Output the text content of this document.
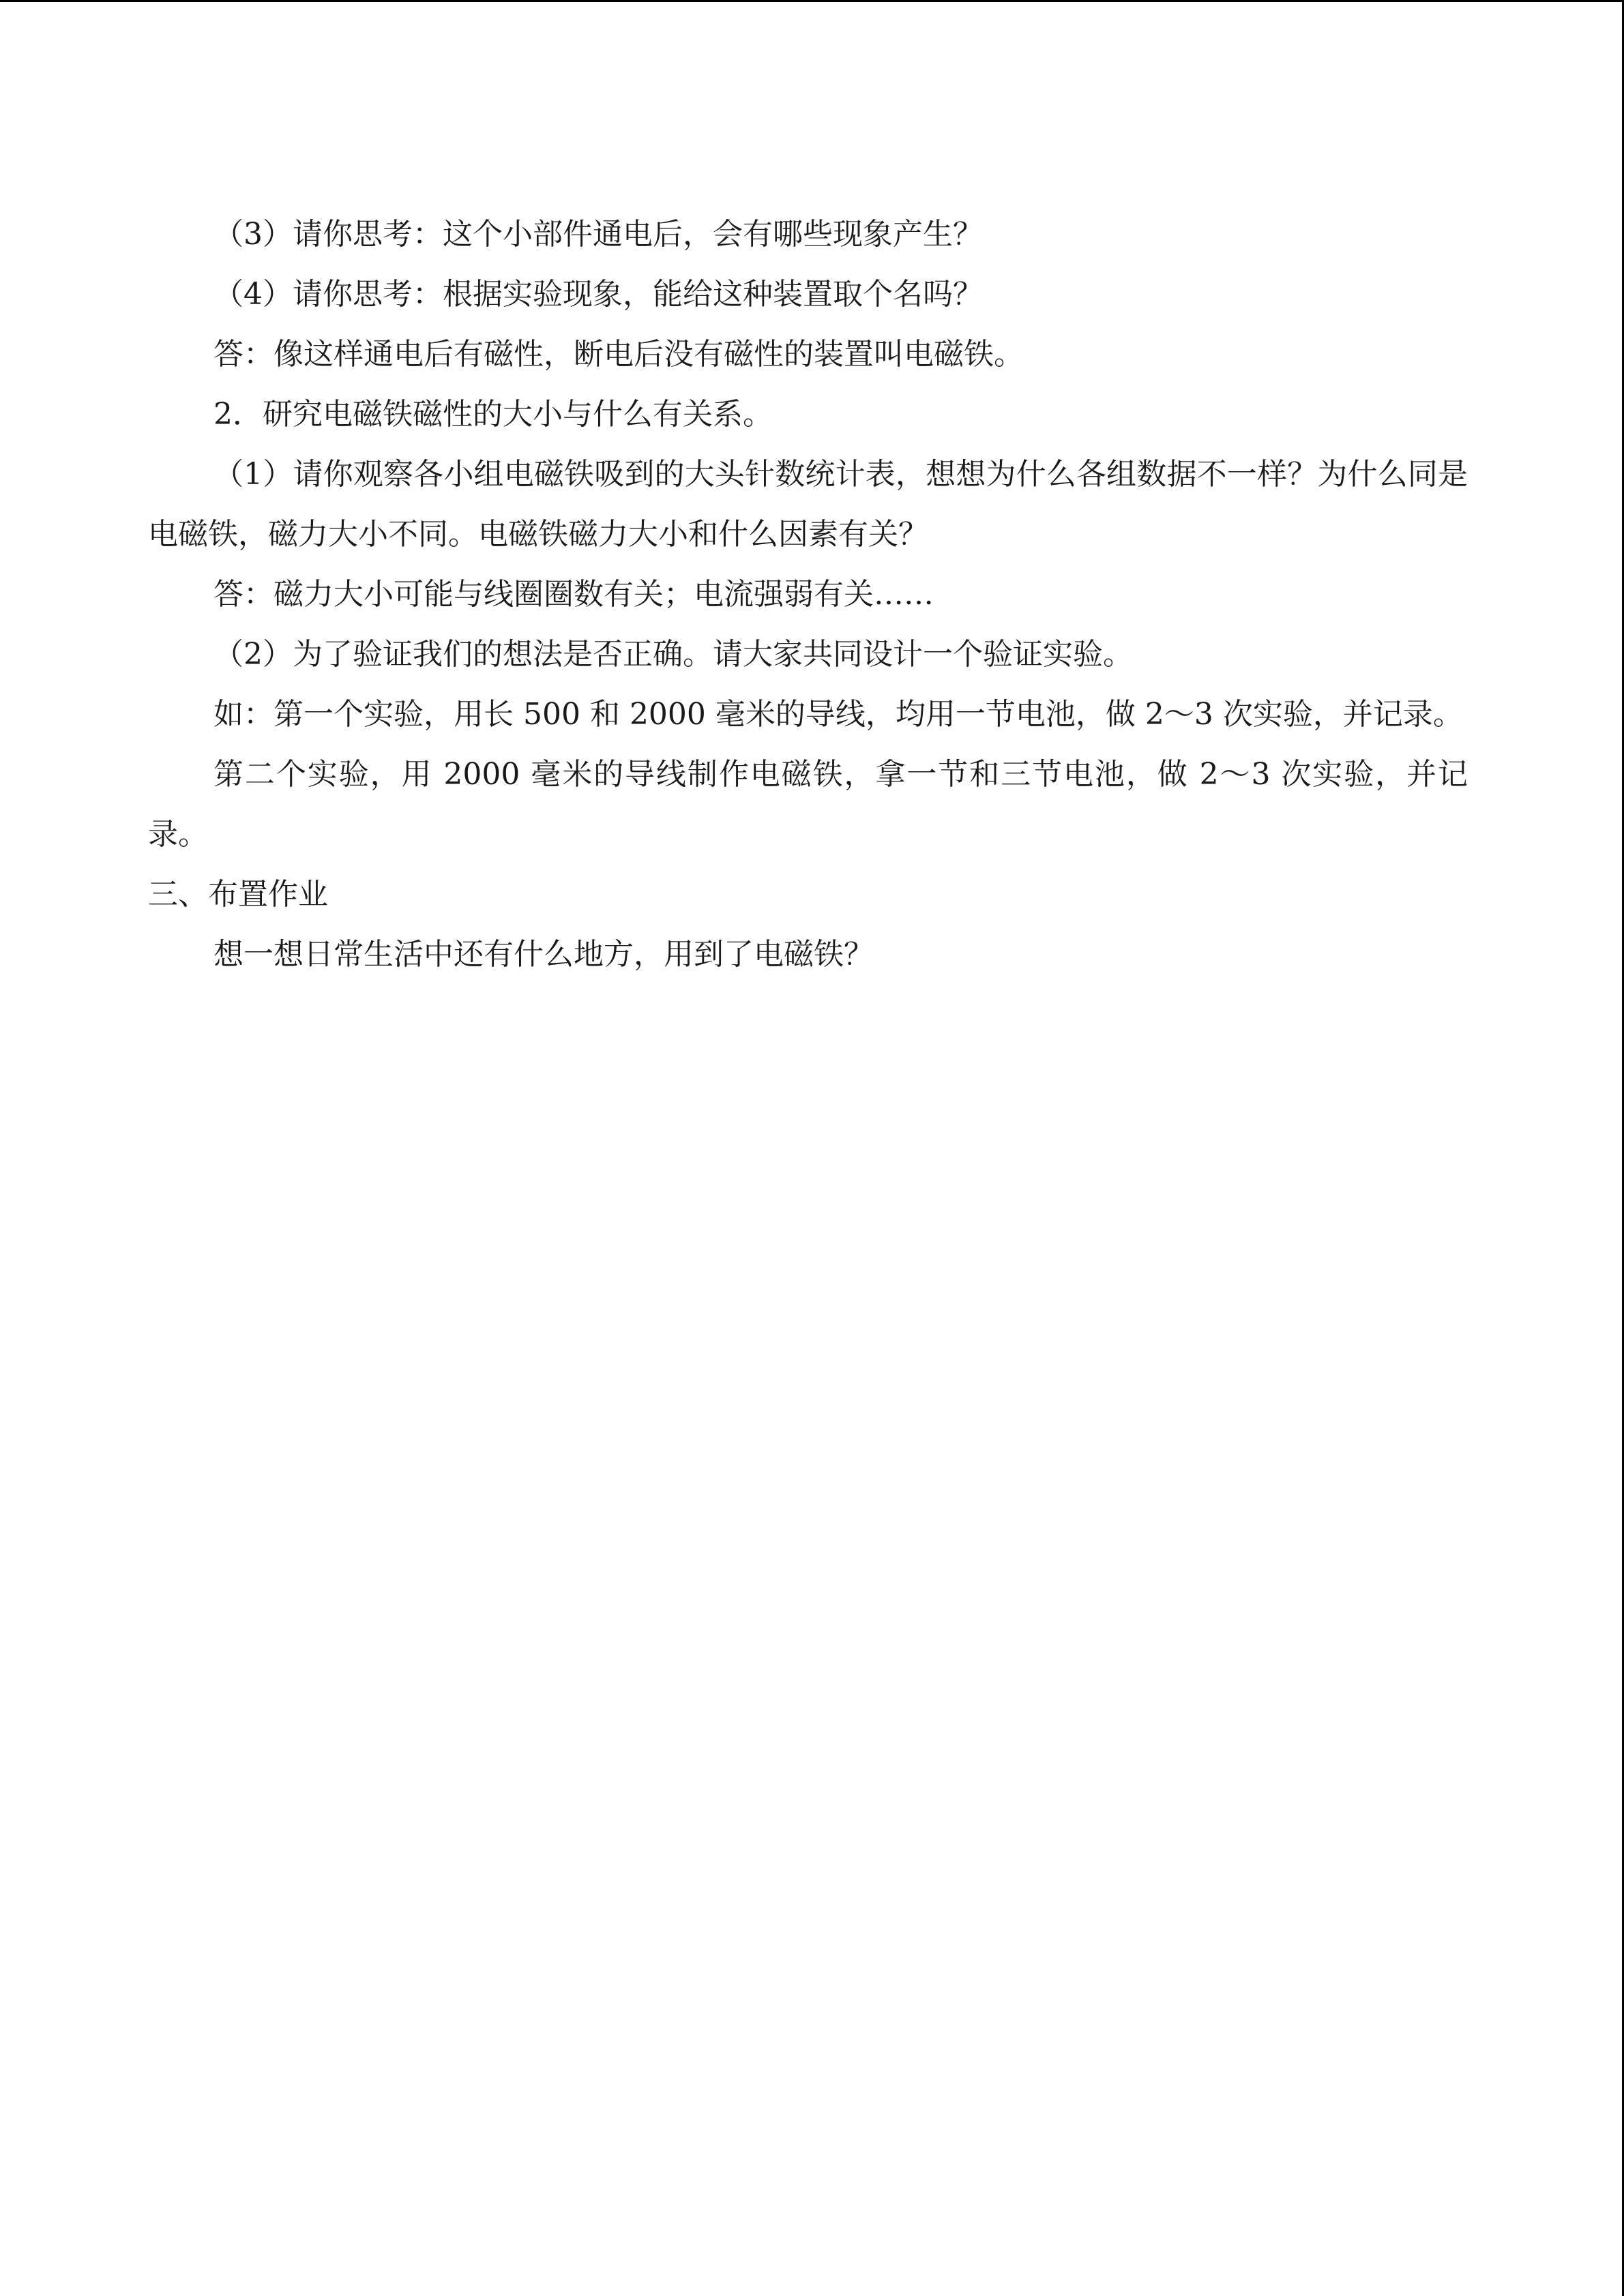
（3）请你思考：这个小部件通电后，会有哪些现象产生？

（4）请你思考：根据实验现象，能给这种装置取个名吗？

答：像这样通电后有磁性，断电后没有磁性的装置叫电磁铁。

2．研究电磁铁磁性的大小与什么有关系。

（1）请你观察各小组电磁铁吸到的大头针数统计表，想想为什么各组数据不一样？为什么同是电磁铁，磁力大小不同。电磁铁磁力大小和什么因素有关？

答：磁力大小可能与线圈圈数有关；电流强弱有关……

（2）为了验证我们的想法是否正确。请大家共同设计一个验证实验。

如：第一个实验，用长 500 和 2000 毫米的导线，均用一节电池，做 2～3 次实验，并记录。

第二个实验，用 2000 毫米的导线制作电磁铁，拿一节和三节电池，做 2～3 次实验，并记录。

三、布置作业

想一想日常生活中还有什么地方，用到了电磁铁？
